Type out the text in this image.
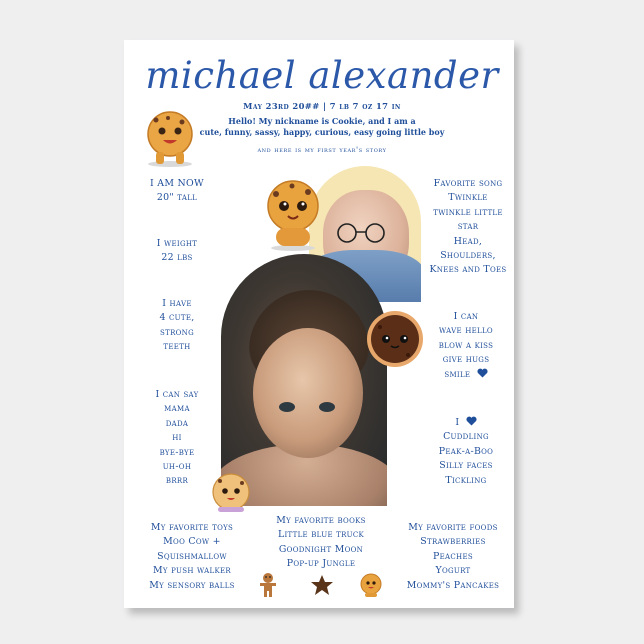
michael alexander
May 23rd 20## | 7 lb 7 oz 17 in
Hello! My nickname is Cookie, and I am a
cute, funny, sassy, happy, curious, easy going little boy
and here is my first year's story
I AM NOW
20" tall
I weight
22 lbs
I have
4 cute,
strong
teeth
I can say
mama
dada
hi
bye-bye
uh-oh
brrr
Favorite song
Twinkle
twinkle little
star
Head,
Shoulders,
Knees and Toes
I can
wave hello
blow a kiss
give hugs
smile
I
Cuddling
Peak-a-Boo
Silly faces
Tickling
My favorite toys
Moo Cow +
Squishmallow
My push walker
My sensory balls
My favorite books
Little blue truck
Goodnight Moon
Pop-up Jungle
My favorite foods
Strawberries
Peaches
Yogurt
Mommy's Pancakes
